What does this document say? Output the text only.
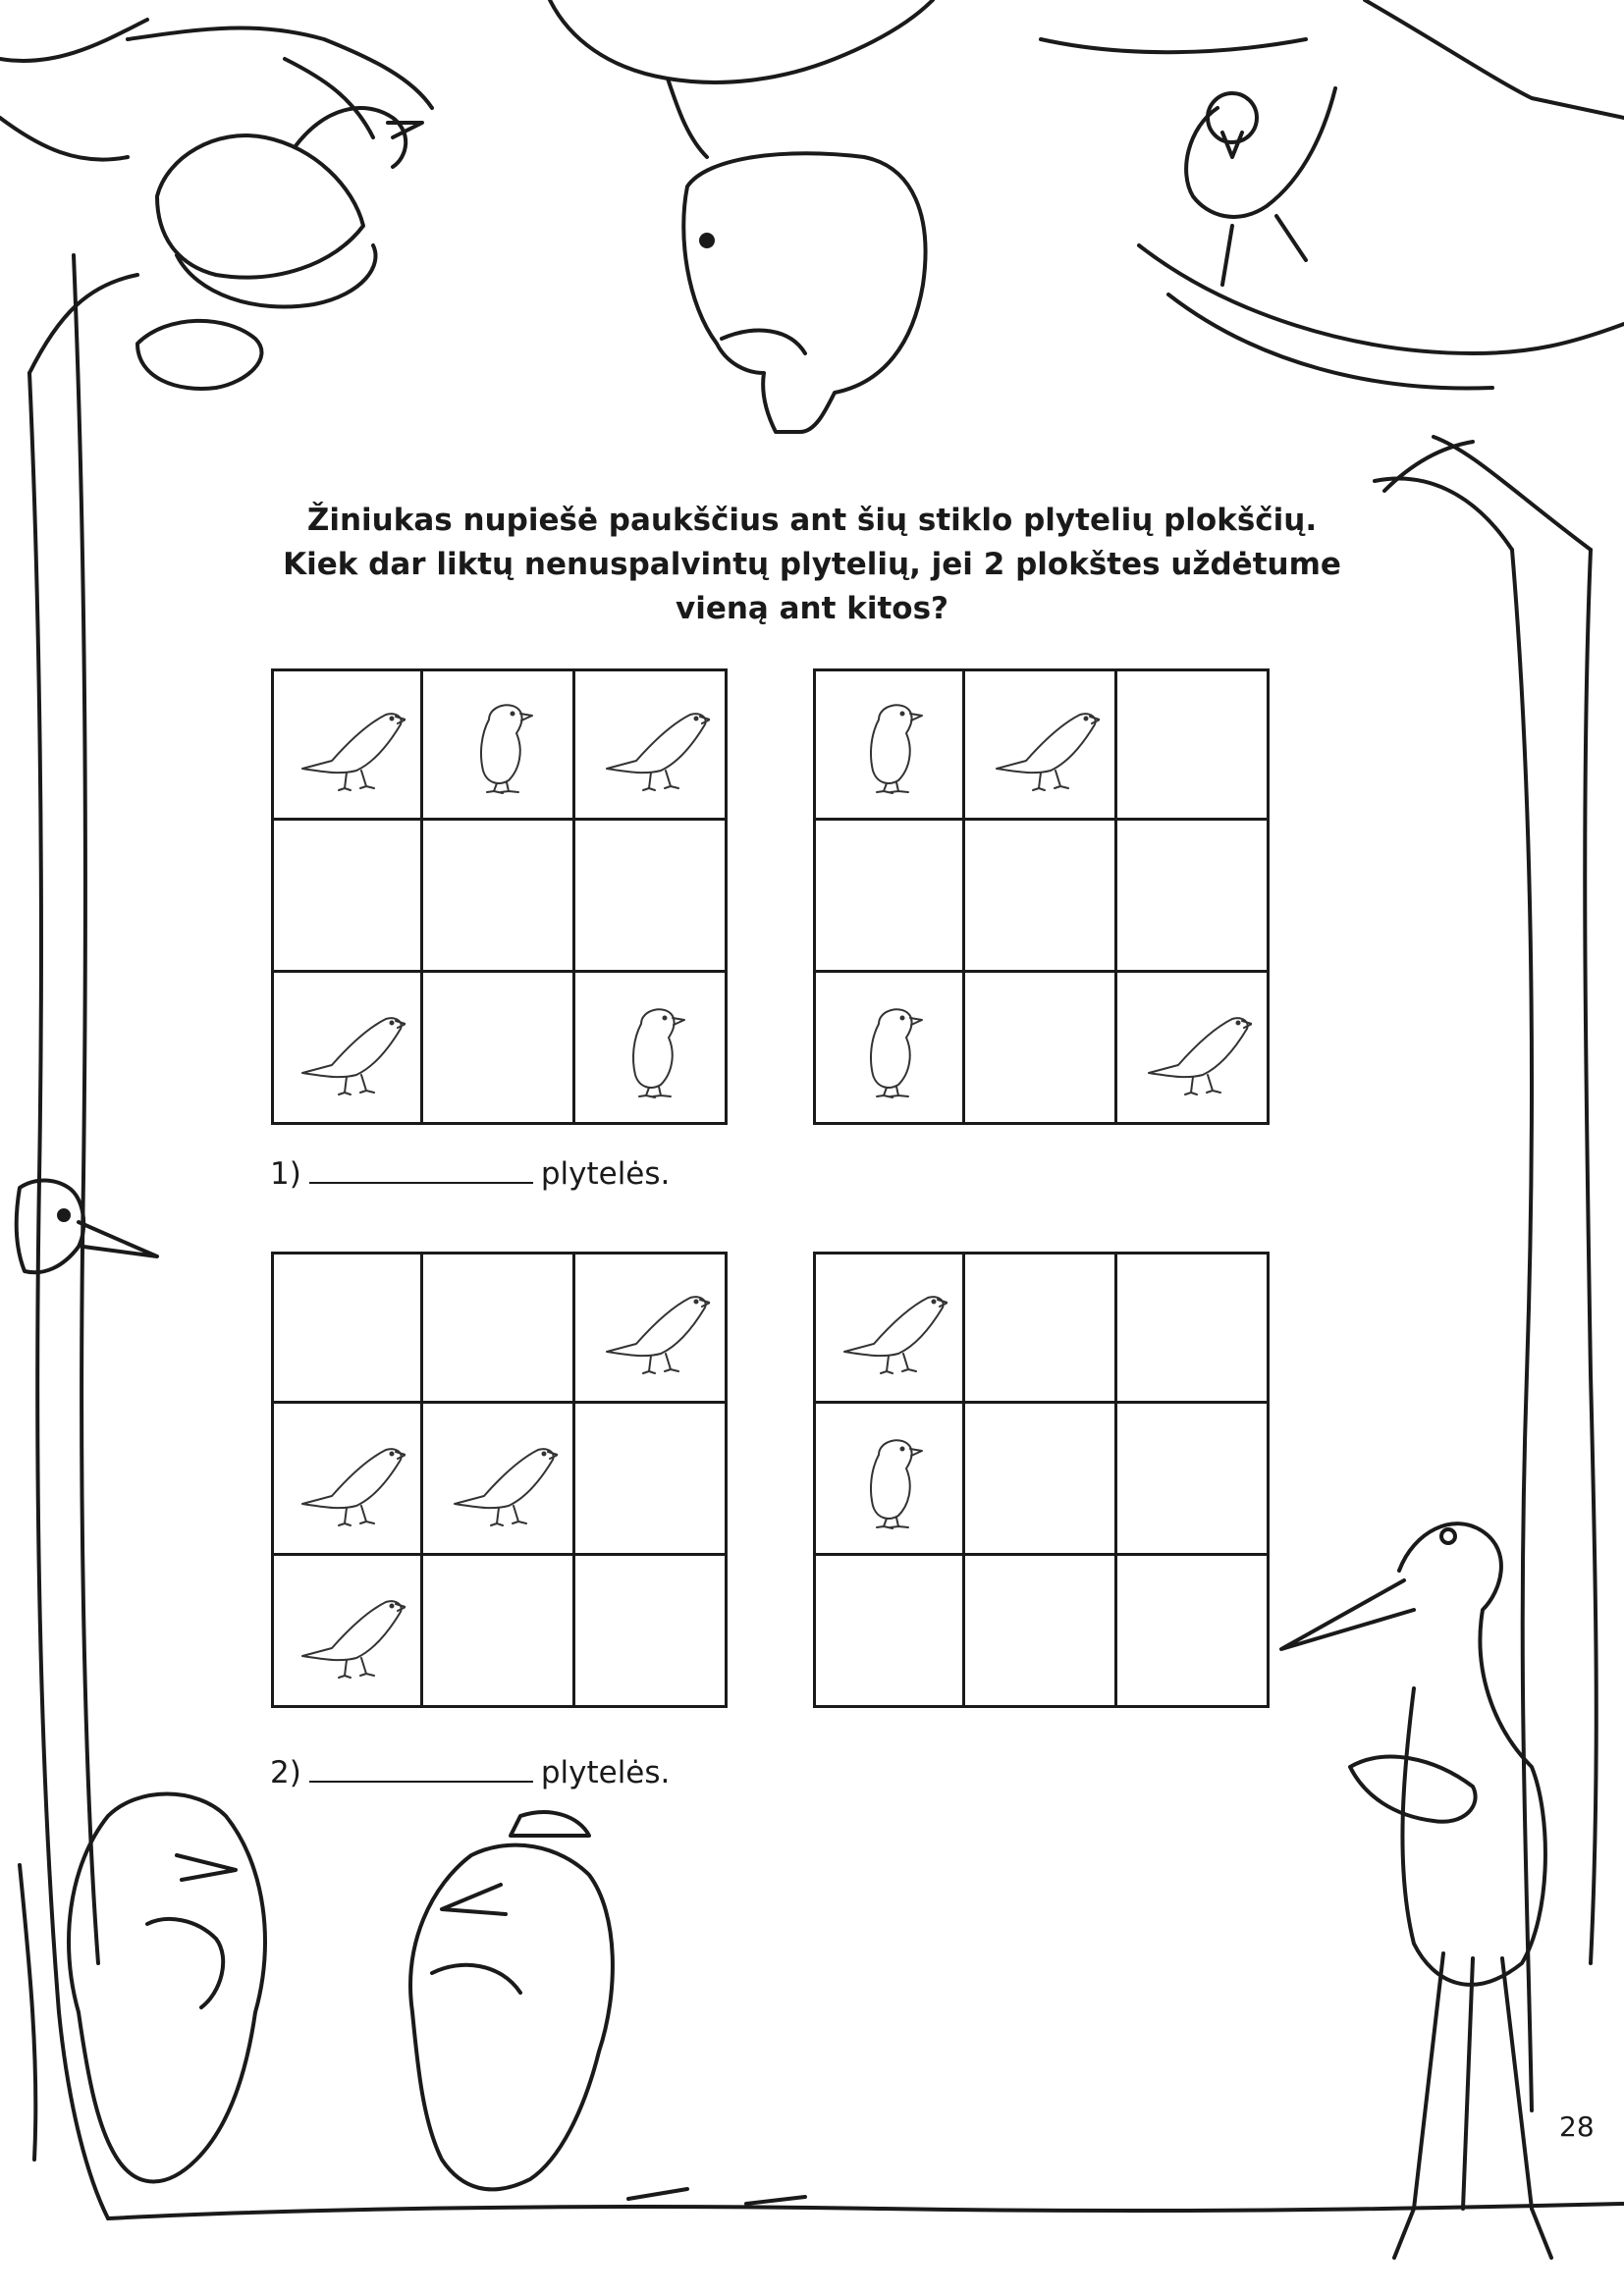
Žiniukas nupiešė paukščius ant šių stiklo plytelių plokščių.
Kiek dar liktų nenuspalvintų plytelių, jei 2 plokštes uždėtume
vieną ant kitos?
1)	plytelės.
2)	plytelės.
28
